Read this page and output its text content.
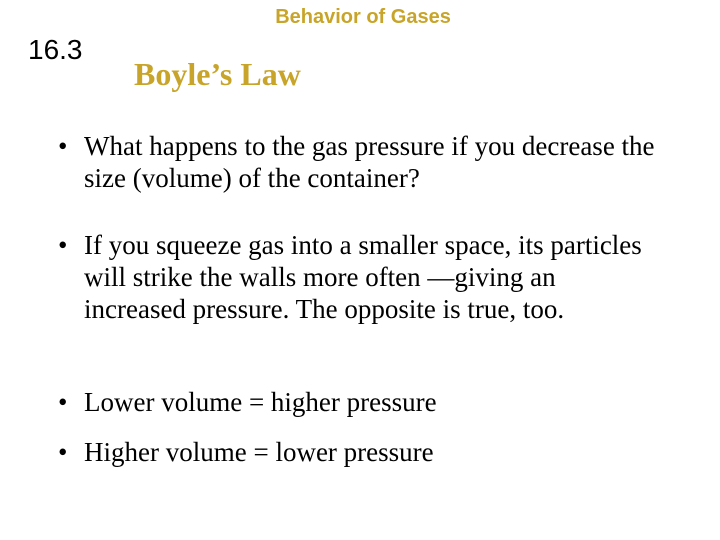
Behavior of Gases
16.3
Boyle’s Law
• What happens to the gas pressure if you decrease the size (volume) of the container?
• If you squeeze gas into a smaller space, its particles will strike the walls more often —giving an increased pressure. The opposite is true, too.
• Lower volume = higher pressure
• Higher volume = lower pressure
